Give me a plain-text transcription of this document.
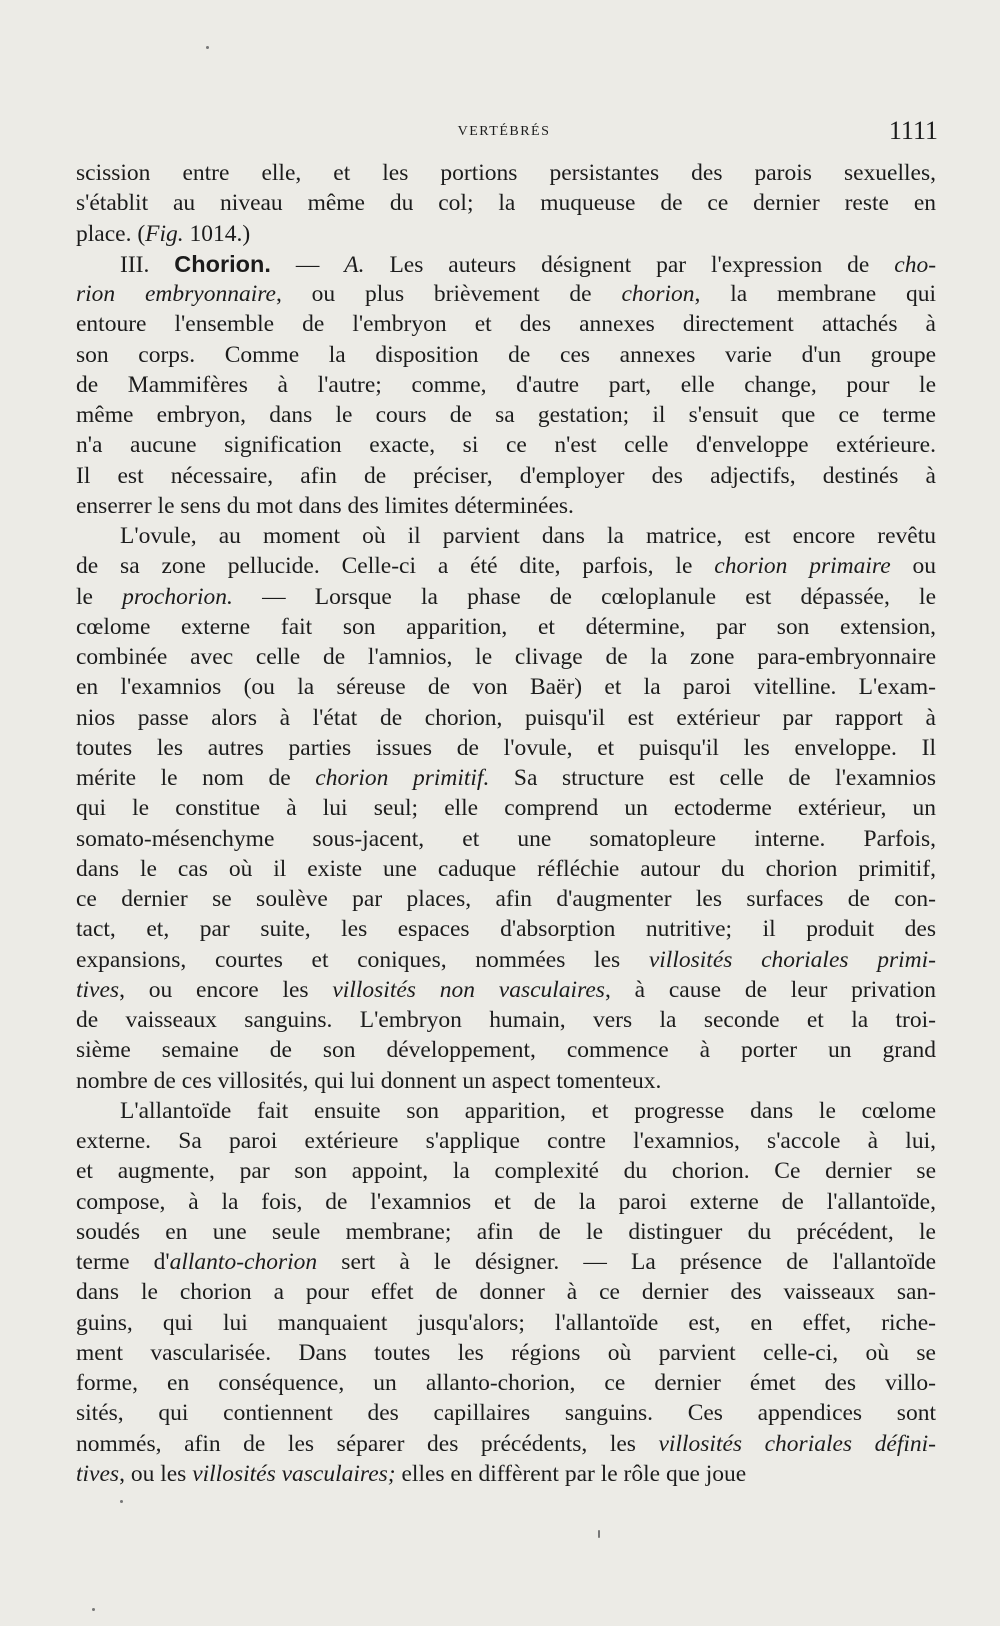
VERTÉBRÉS	1111
scission entre elle, et les portions persistantes des parois sexuelles,
s'établit au niveau même du col; la muqueuse de ce dernier reste en
place. (Fig. 1014.)
III. Chorion. — A. Les auteurs désignent par l'expression de cho-
rion embryonnaire, ou plus brièvement de chorion, la membrane qui
entoure l'ensemble de l'embryon et des annexes directement attachés à
son corps. Comme la disposition de ces annexes varie d'un groupe
de Mammifères à l'autre; comme, d'autre part, elle change, pour le
même embryon, dans le cours de sa gestation; il s'ensuit que ce terme
n'a aucune signification exacte, si ce n'est celle d'enveloppe extérieure.
Il est nécessaire, afin de préciser, d'employer des adjectifs, destinés à
enserrer le sens du mot dans des limites déterminées.
L'ovule, au moment où il parvient dans la matrice, est encore revêtu
de sa zone pellucide. Celle-ci a été dite, parfois, le chorion primaire ou
le prochorion. — Lorsque la phase de cœloplanule est dépassée, le
cœlome externe fait son apparition, et détermine, par son extension,
combinée avec celle de l'amnios, le clivage de la zone para-embryonnaire
en l'examnios (ou la séreuse de von Baër) et la paroi vitelline. L'exam-
nios passe alors à l'état de chorion, puisqu'il est extérieur par rapport à
toutes les autres parties issues de l'ovule, et puisqu'il les enveloppe. Il
mérite le nom de chorion primitif. Sa structure est celle de l'examnios
qui le constitue à lui seul; elle comprend un ectoderme extérieur, un
somato-mésenchyme sous-jacent, et une somatopleure interne. Parfois,
dans le cas où il existe une caduque réfléchie autour du chorion primitif,
ce dernier se soulève par places, afin d'augmenter les surfaces de con-
tact, et, par suite, les espaces d'absorption nutritive; il produit des
expansions, courtes et coniques, nommées les villosités choriales primi-
tives, ou encore les villosités non vasculaires, à cause de leur privation
de vaisseaux sanguins. L'embryon humain, vers la seconde et la troi-
sième semaine de son développement, commence à porter un grand
nombre de ces villosités, qui lui donnent un aspect tomenteux.
L'allantoïde fait ensuite son apparition, et progresse dans le cœlome
externe. Sa paroi extérieure s'applique contre l'examnios, s'accole à lui,
et augmente, par son appoint, la complexité du chorion. Ce dernier se
compose, à la fois, de l'examnios et de la paroi externe de l'allantoïde,
soudés en une seule membrane; afin de le distinguer du précédent, le
terme d'allanto-chorion sert à le désigner. — La présence de l'allantoïde
dans le chorion a pour effet de donner à ce dernier des vaisseaux san-
guins, qui lui manquaient jusqu'alors; l'allantoïde est, en effet, riche-
ment vascularisée. Dans toutes les régions où parvient celle-ci, où se
forme, en conséquence, un allanto-chorion, ce dernier émet des villo-
sités, qui contiennent des capillaires sanguins. Ces appendices sont
nommés, afin de les séparer des précédents, les villosités choriales défini-
tives, ou les villosités vasculaires; elles en diffèrent par le rôle que joue
